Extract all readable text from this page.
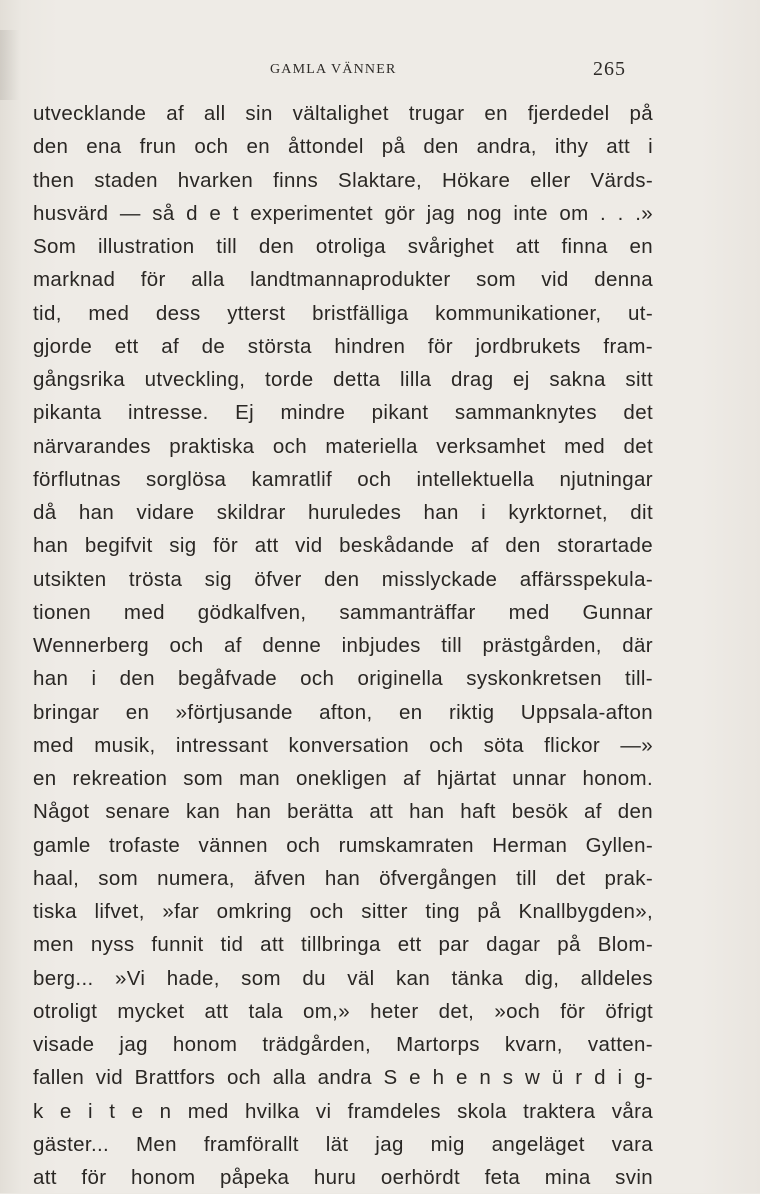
GAMLA VÄNNER	265
utvecklande af all sin vältalighet trugar en fjerdedel på
den ena frun och en åttondel på den andra, ithy att i
then staden hvarken finns Slaktare, Hökare eller Värds-
husvärd — så d e t experimentet gör jag nog inte om . . .»
Som illustration till den otroliga svårighet att finna en
marknad för alla landtmannaprodukter som vid denna
tid, med dess ytterst bristfälliga kommunikationer, ut-
gjorde ett af de största hindren för jordbrukets fram-
gångsrika utveckling, torde detta lilla drag ej sakna sitt
pikanta intresse. Ej mindre pikant sammanknytes det
närvarandes praktiska och materiella verksamhet med det
förflutnas sorglösa kamratlif och intellektuella njutningar
då han vidare skildrar huruledes han i kyrktornet, dit
han begifvit sig för att vid beskådande af den storartade
utsikten trösta sig öfver den misslyckade affärsspekula-
tionen med gödkalfven, sammanträffar med Gunnar
Wennerberg och af denne inbjudes till prästgården, där
han i den begåfvade och originella syskonkretsen till-
bringar en »förtjusande afton, en riktig Uppsala-afton
med musik, intressant konversation och söta flickor —»
en rekreation som man onekligen af hjärtat unnar honom.
Något senare kan han berätta att han haft besök af den
gamle trofaste vännen och rumskamraten Herman Gyllen-
haal, som numera, äfven han öfvergången till det prak-
tiska lifvet, »far omkring och sitter ting på Knallbygden»,
men nyss funnit tid att tillbringa ett par dagar på Blom-
berg... »Vi hade, som du väl kan tänka dig, alldeles
otroligt mycket att tala om,» heter det, »och för öfrigt
visade jag honom trädgården, Martorps kvarn, vatten-
fallen vid Brattfors och alla andra S e h e n s w ü r d i g-
k e i t e n med hvilka vi framdeles skola traktera våra
gäster... Men framförallt lät jag mig angeläget vara
att för honom påpeka huru oerhördt feta mina svin
